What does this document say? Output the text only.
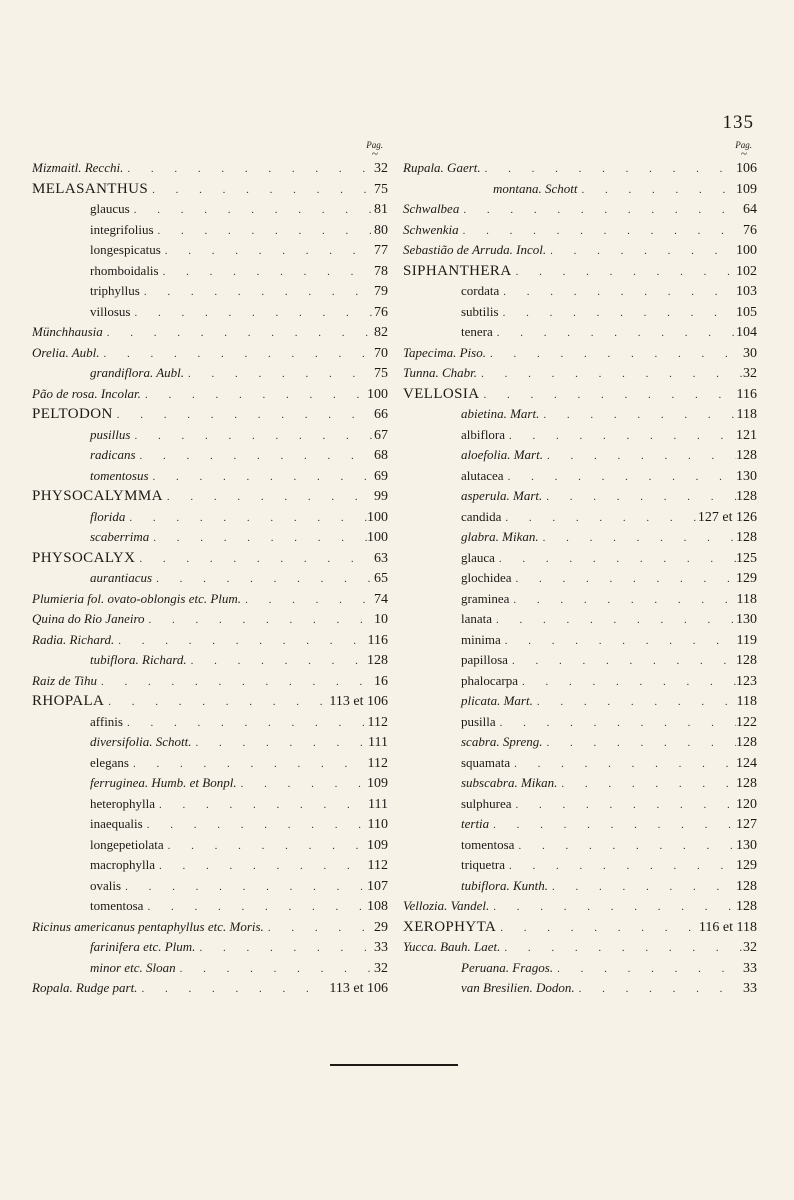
135
Pag.
~
Mizmaitl. Recchi. . . .	32
MELASANTHUS . . .	75
glaucus . . .	81
integrifolius . . .	80
longespicatus . . .	77
rhomboidalis . . .	78
triphyllus . . .	79
villosus . . .	76
Münchhausia . . .	82
Orelia. Aubl. . . .	70
grandiflora. Aubl. . . .	75
Pão de rosa. Incolar. . . .	100
PELTODON . . .	66
pusillus . . .	67
radicans . . .	68
tomentosus . . .	69
PHYSOCALYMMA . . .	99
florida . . .	100
scaberrima . . .	100
PHYSOCALYX . . .	63
aurantiacus . . .	65
Plumieria fol. ovato-oblongis etc. Plum. . . .	74
Quina do Rio Janeiro . . .	10
Radia. Richard. . . .	116
tubiflora. Richard. . . .	128
Raiz de Tihu . . .	16
RHOPALA . . .	113 et 106
affinis . . .	112
diversifolia. Schott. . . .	111
elegans . . .	112
ferruginea. Humb. et Bonpl. . . .	109
heterophylla . . .	111
inaequalis . . .	110
longepetiolata . . .	109
macrophylla . . .	112
ovalis . . .	107
tomentosa . . .	108
Ricinus americanus pentaphyllus etc. Moris. . . .	29
farinifera etc. Plum. . . .	33
minor etc. Sloan . . .	32
Ropala. Rudge part. . . .	113 et 106
Pag.
~
Rupala. Gaert. . . .	106
montana. Schott . . .	109
Schwalbea . . .	64
Schwenkia . . .	76
Sebastião de Arruda. Incol. . . .	100
SIPHANTHERA . . .	102
cordata . . .	103
subtilis . . .	105
tenera . . .	104
Tapecima. Piso. . . .	30
Tunna. Chabr. . . .	32
VELLOSIA . . .	116
abietina. Mart. . . .	118
albiflora . . .	121
aloefolia. Mart. . . .	128
alutacea . . .	130
asperula. Mart. . . .	128
candida . . .	127 et 126
glabra. Mikan. . . .	128
glauca . . .	125
glochidea . . .	129
graminea . . .	118
lanata . . .	130
minima . . .	119
papillosa . . .	128
phalocarpa . . .	123
plicata. Mart. . . .	118
pusilla . . .	122
scabra. Spreng. . . .	128
squamata . . .	124
subscabra. Mikan. . . .	128
sulphurea . . .	120
tertia . . .	127
tomentosa . . .	130
triquetra . . .	129
tubiflora. Kunth. . . .	128
Vellozia. Vandel. . . .	128
XEROPHYTA . . .	116 et 118
Yucca. Bauh. Laet. . . .	32
Peruana. Fragos. . . .	33
van Bresilien. Dodon. . . .	33
